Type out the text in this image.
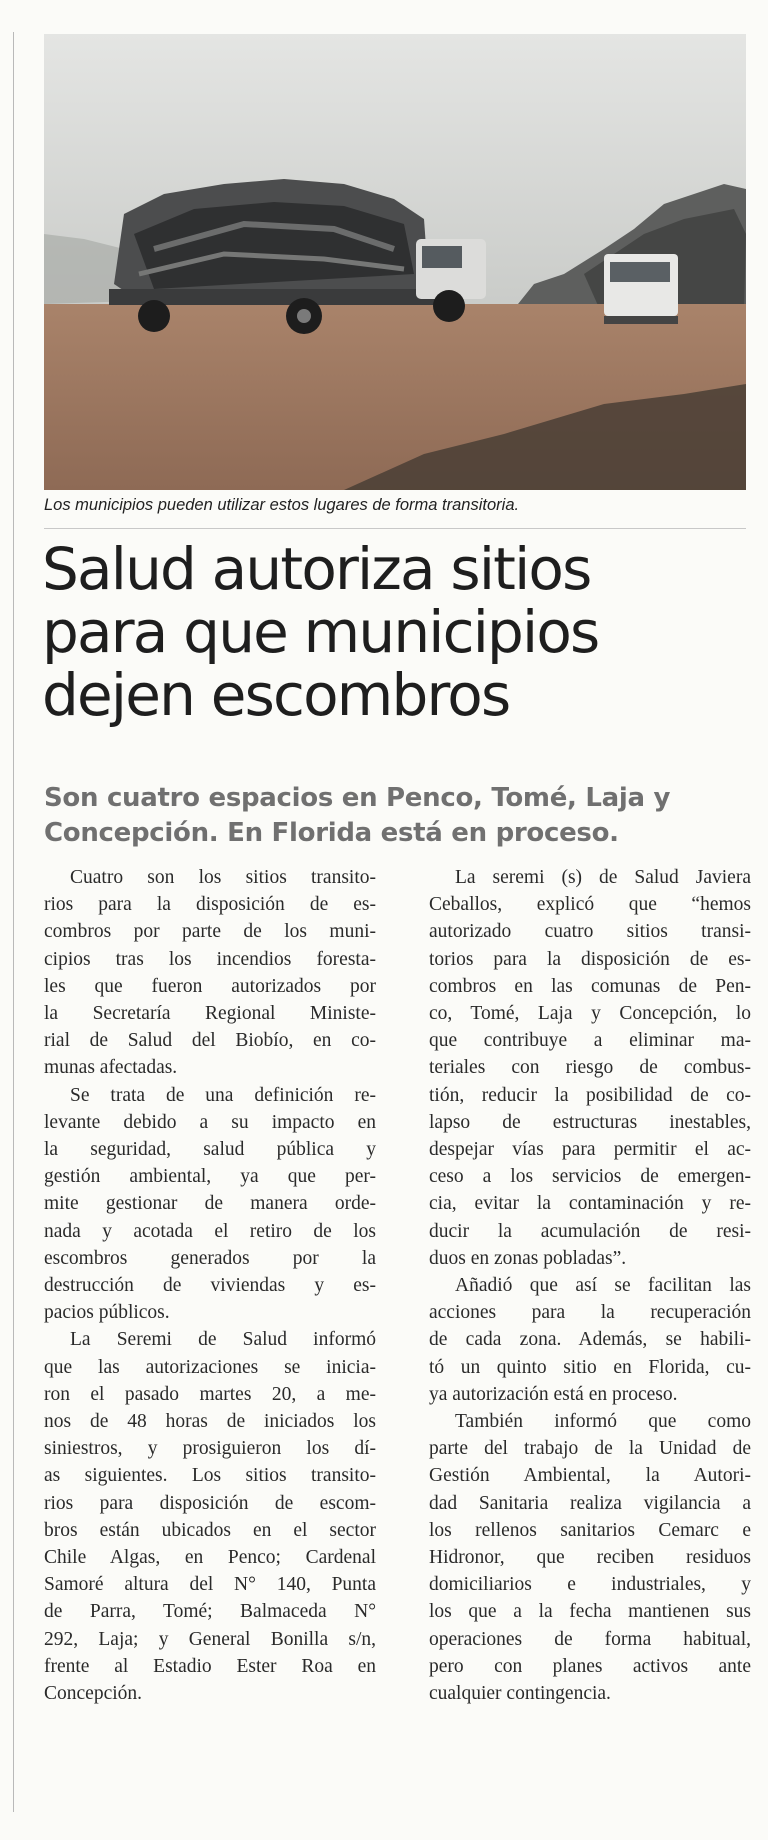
Los municipios pueden utilizar estos lugares de forma transitoria.
Salud autoriza sitios
para que municipios
dejen escombros
Son cuatro espacios en Penco, Tomé, Laja y
Concepción. En Florida está en proceso.
Cuatro son los sitios transito-
rios para la disposición de es-
combros por parte de los muni-
cipios tras los incendios foresta-
les que fueron autorizados por
la Secretaría Regional Ministe-
rial de Salud del Biobío, en co-
munas afectadas.
Se trata de una definición re-
levante debido a su impacto en
la seguridad, salud pública y
gestión ambiental, ya que per-
mite gestionar de manera orde-
nada y acotada el retiro de los
escombros generados por la
destrucción de viviendas y es-
pacios públicos.
La Seremi de Salud informó
que las autorizaciones se inicia-
ron el pasado martes 20, a me-
nos de 48 horas de iniciados los
siniestros, y prosiguieron los dí-
as siguientes. Los sitios transito-
rios para disposición de escom-
bros están ubicados en el sector
Chile Algas, en Penco; Cardenal
Samoré altura del N° 140, Punta
de Parra, Tomé; Balmaceda N°
292, Laja; y General Bonilla s/n,
frente al Estadio Ester Roa en
Concepción.
La seremi (s) de Salud Javiera
Ceballos, explicó que “hemos
autorizado cuatro sitios transi-
torios para la disposición de es-
combros en las comunas de Pen-
co, Tomé, Laja y Concepción, lo
que contribuye a eliminar ma-
teriales con riesgo de combus-
tión, reducir la posibilidad de co-
lapso de estructuras inestables,
despejar vías para permitir el ac-
ceso a los servicios de emergen-
cia, evitar la contaminación y re-
ducir la acumulación de resi-
duos en zonas pobladas”.
Añadió que así se facilitan las
acciones para la recuperación
de cada zona. Además, se habili-
tó un quinto sitio en Florida, cu-
ya autorización está en proceso.
También informó que como
parte del trabajo de la Unidad de
Gestión Ambiental, la Autori-
dad Sanitaria realiza vigilancia a
los rellenos sanitarios Cemarc e
Hidronor, que reciben residuos
domiciliarios e industriales, y
los que a la fecha mantienen sus
operaciones de forma habitual,
pero con planes activos ante
cualquier contingencia.
